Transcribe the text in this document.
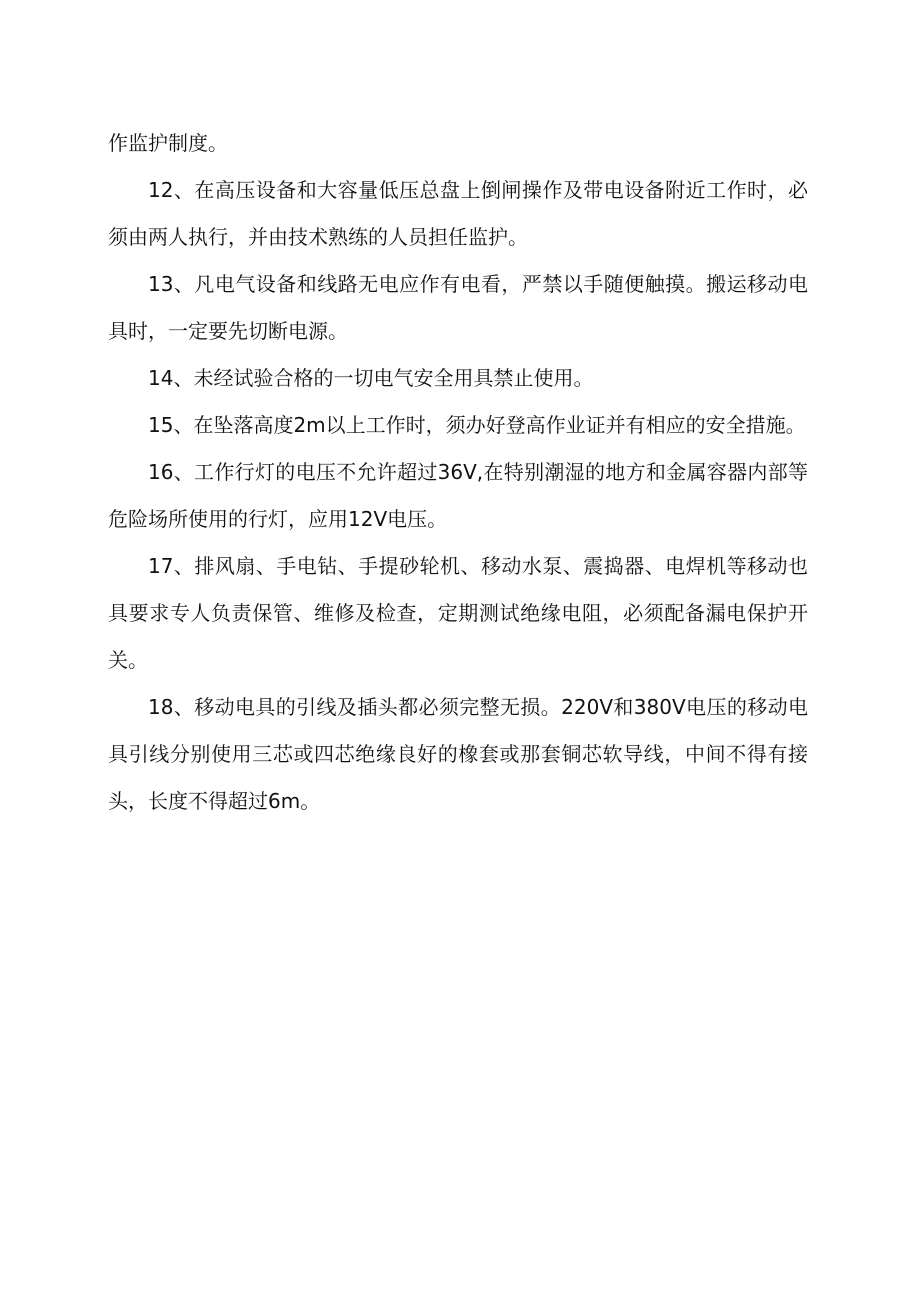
作监护制度。

12、在高压设备和大容量低压总盘上倒闸操作及带电设备附近工作时，必须由两人执行，并由技术熟练的人员担任监护。

13、凡电气设备和线路无电应作有电看，严禁以手随便触摸。搬运移动电具时，一定要先切断电源。

14、未经试验合格的一切电气安全用具禁止使用。

15、在坠落高度2m以上工作时，须办好登高作业证并有相应的安全措施。

16、工作行灯的电压不允许超过36V,在特别潮湿的地方和金属容器内部等危险场所使用的行灯，应用12V电压。

17、排风扇、手电钻、手提砂轮机、移动水泵、震捣器、电焊机等移动也具要求专人负责保管、维修及检查，定期测试绝缘电阻，必须配备漏电保护开关。

18、移动电具的引线及插头都必须完整无损。220V和380V电压的移动电具引线分别使用三芯或四芯绝缘良好的橡套或那套铜芯软导线，中间不得有接头，长度不得超过6m。
